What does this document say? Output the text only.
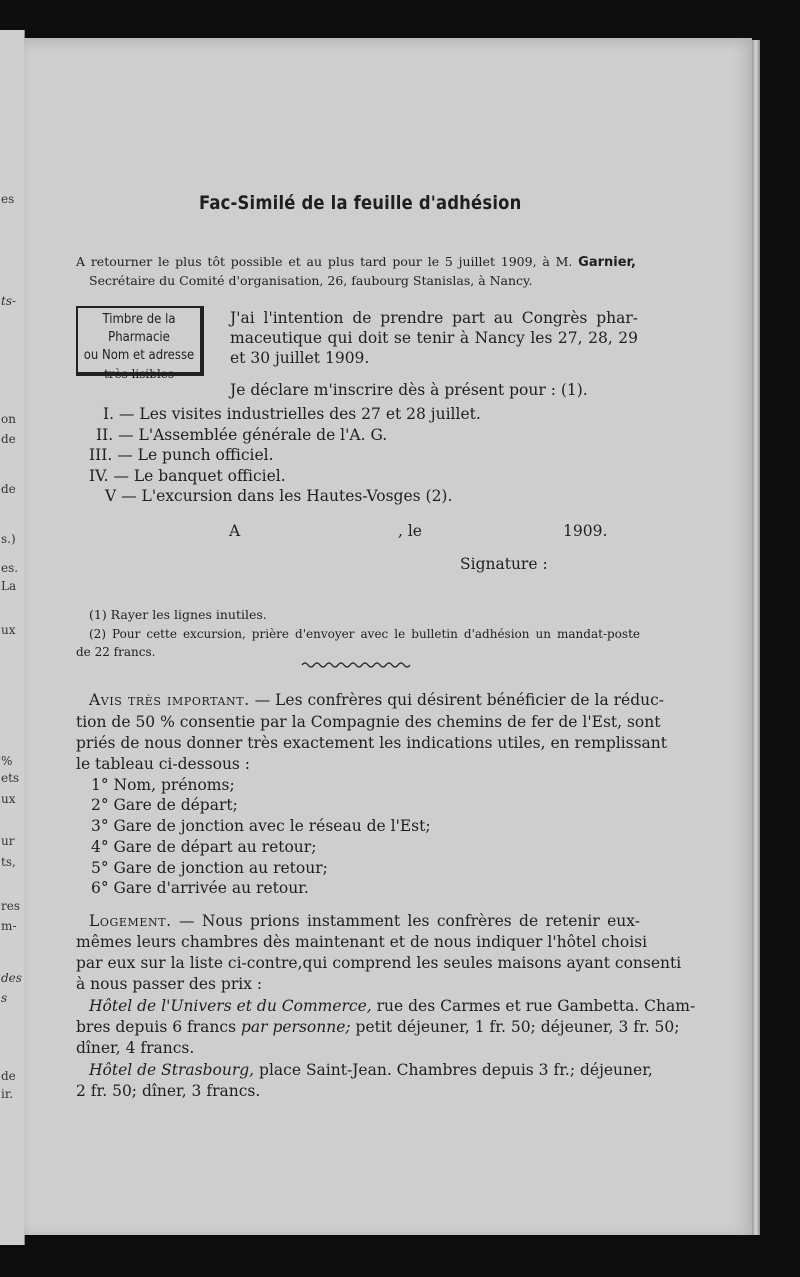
es
ts-
on
de
de
s.)
es.
La
ux
%
ets
ux
ur
ts,
res
m-
des
s
de
ir.
Fac-Similé de la feuille d'adhésion
A retourner le plus tôt possible et au plus tard pour le 5 juillet 1909, à M. Garnier,
Secrétaire du Comité d'organisation, 26, faubourg Stanislas, à Nancy.
Timbre de la Pharmacie
ou Nom et adresse
très lisibles
J'ai l'intention de prendre part au Congrès phar-
maceutique qui doit se tenir à Nancy les 27, 28, 29
et 30 juillet 1909.
Je déclare m'inscrire dès à présent pour : (1).
I. — Les visites industrielles des 27 et 28 juillet.
II. — L'Assemblée générale de l'A. G.
III. — Le punch officiel.
IV. — Le banquet officiel.
V — L'excursion dans les Hautes-Vosges (2).
A	, le	1909.
Signature :
(1) Rayer les lignes inutiles.
(2) Pour cette excursion, prière d'envoyer avec le bulletin d'adhésion un mandat-poste
de 22 francs.
Avis très important. — Les confrères qui désirent bénéficier de la réduc-
tion de 50 % consentie par la Compagnie des chemins de fer de l'Est, sont
priés de nous donner très exactement les indications utiles, en remplissant
le tableau ci-dessous :
1° Nom, prénoms;
2° Gare de départ;
3° Gare de jonction avec le réseau de l'Est;
4° Gare de départ au retour;
5° Gare de jonction au retour;
6° Gare d'arrivée au retour.
Logement. — Nous prions instamment les confrères de retenir eux-
mêmes leurs chambres dès maintenant et de nous indiquer l'hôtel choisi
par eux sur la liste ci-contre,qui comprend les seules maisons ayant consenti
à nous passer des prix :
Hôtel de l'Univers et du Commerce, rue des Carmes et rue Gambetta. Cham-
bres depuis 6 francs par personne; petit déjeuner, 1 fr. 50; déjeuner, 3 fr. 50;
dîner, 4 francs.
Hôtel de Strasbourg, place Saint-Jean. Chambres depuis 3 fr.; déjeuner,
2 fr. 50; dîner, 3 francs.
